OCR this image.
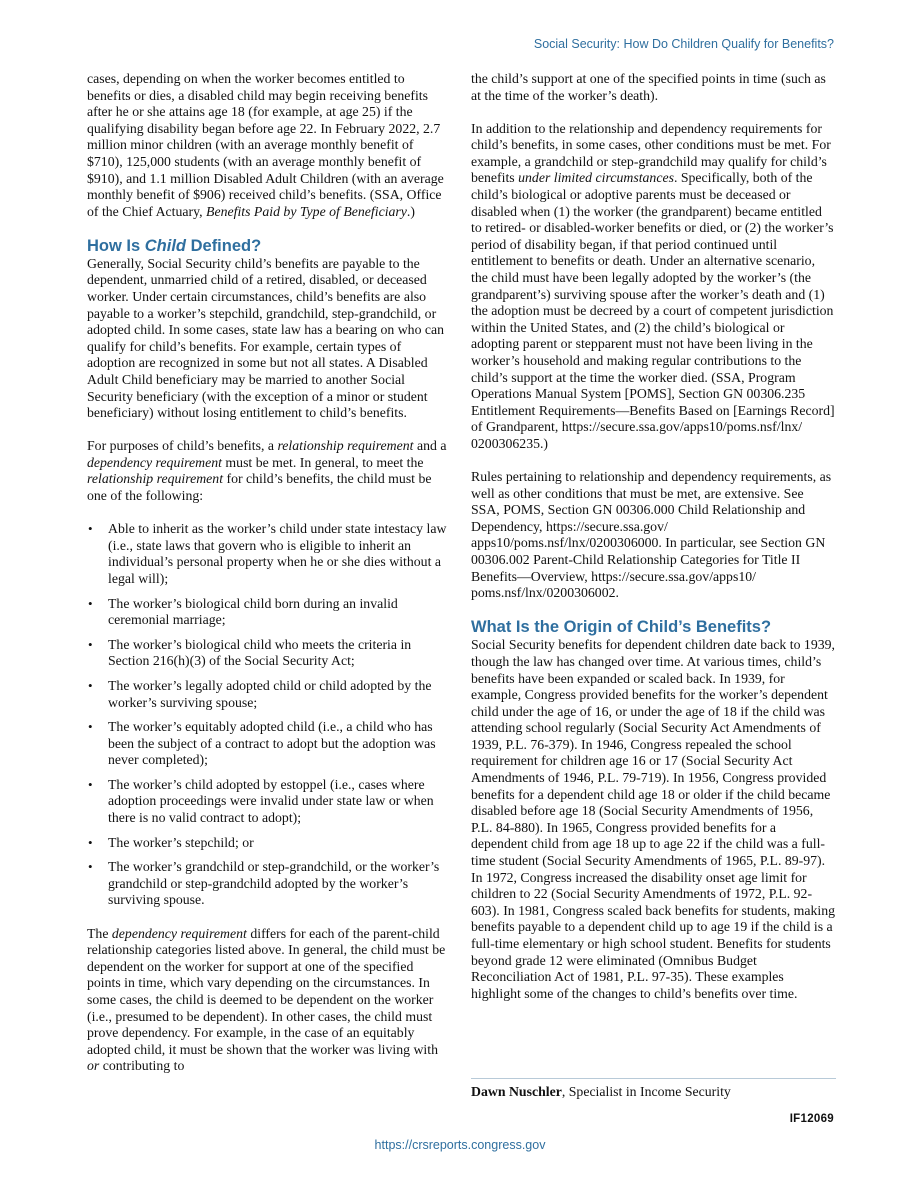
Social Security: How Do Children Qualify for Benefits?
cases, depending on when the worker becomes entitled to benefits or dies, a disabled child may begin receiving benefits after he or she attains age 18 (for example, at age 25) if the qualifying disability began before age 22. In February 2022, 2.7 million minor children (with an average monthly benefit of $710), 125,000 students (with an average monthly benefit of $910), and 1.1 million Disabled Adult Children (with an average monthly benefit of $906) received child’s benefits. (SSA, Office of the Chief Actuary, Benefits Paid by Type of Beneficiary.)
How Is Child Defined?
Generally, Social Security child’s benefits are payable to the dependent, unmarried child of a retired, disabled, or deceased worker. Under certain circumstances, child’s benefits are also payable to a worker’s stepchild, grandchild, step-grandchild, or adopted child. In some cases, state law has a bearing on who can qualify for child’s benefits. For example, certain types of adoption are recognized in some but not all states. A Disabled Adult Child beneficiary may be married to another Social Security beneficiary (with the exception of a minor or student beneficiary) without losing entitlement to child’s benefits.
For purposes of child’s benefits, a relationship requirement and a dependency requirement must be met. In general, to meet the relationship requirement for child’s benefits, the child must be one of the following:
• Able to inherit as the worker’s child under state intestacy law (i.e., state laws that govern who is eligible to inherit an individual’s personal property when he or she dies without a legal will);
• The worker’s biological child born during an invalid ceremonial marriage;
• The worker’s biological child who meets the criteria in Section 216(h)(3) of the Social Security Act;
• The worker’s legally adopted child or child adopted by the worker’s surviving spouse;
• The worker’s equitably adopted child (i.e., a child who has been the subject of a contract to adopt but the adoption was never completed);
• The worker’s child adopted by estoppel (i.e., cases where adoption proceedings were invalid under state law or when there is no valid contract to adopt);
• The worker’s stepchild; or
• The worker’s grandchild or step-grandchild, or the worker’s grandchild or step-grandchild adopted by the worker’s surviving spouse.
The dependency requirement differs for each of the parent-child relationship categories listed above. In general, the child must be dependent on the worker for support at one of the specified points in time, which vary depending on the circumstances. In some cases, the child is deemed to be dependent on the worker (i.e., presumed to be dependent). In other cases, the child must prove dependency. For example, in the case of an equitably adopted child, it must be shown that the worker was living with or contributing to
the child’s support at one of the specified points in time (such as at the time of the worker’s death).
In addition to the relationship and dependency requirements for child’s benefits, in some cases, other conditions must be met. For example, a grandchild or step-grandchild may qualify for child’s benefits under limited circumstances. Specifically, both of the child’s biological or adoptive parents must be deceased or disabled when (1) the worker (the grandparent) became entitled to retired- or disabled-worker benefits or died, or (2) the worker’s period of disability began, if that period continued until entitlement to benefits or death. Under an alternative scenario, the child must have been legally adopted by the worker’s (the grandparent’s) surviving spouse after the worker’s death and (1) the adoption must be decreed by a court of competent jurisdiction within the United States, and (2) the child’s biological or adopting parent or stepparent must not have been living in the worker’s household and making regular contributions to the child’s support at the time the worker died. (SSA, Program Operations Manual System [POMS], Section GN 00306.235 Entitlement Requirements—Benefits Based on [Earnings Record] of Grandparent, https://secure.ssa.gov/apps10/poms.nsf/lnx/ 0200306235.)
Rules pertaining to relationship and dependency requirements, as well as other conditions that must be met, are extensive. See SSA, POMS, Section GN 00306.000 Child Relationship and Dependency, https://secure.ssa.gov/ apps10/poms.nsf/lnx/0200306000. In particular, see Section GN 00306.002 Parent-Child Relationship Categories for Title II Benefits—Overview, https://secure.ssa.gov/apps10/ poms.nsf/lnx/0200306002.
What Is the Origin of Child’s Benefits?
Social Security benefits for dependent children date back to 1939, though the law has changed over time. At various times, child’s benefits have been expanded or scaled back. In 1939, for example, Congress provided benefits for the worker’s dependent child under the age of 16, or under the age of 18 if the child was attending school regularly (Social Security Act Amendments of 1939, P.L. 76-379). In 1946, Congress repealed the school requirement for children age 16 or 17 (Social Security Act Amendments of 1946, P.L. 79-719). In 1956, Congress provided benefits for a dependent child age 18 or older if the child became disabled before age 18 (Social Security Amendments of 1956, P.L. 84-880). In 1965, Congress provided benefits for a dependent child from age 18 up to age 22 if the child was a full-time student (Social Security Amendments of 1965, P.L. 89-97). In 1972, Congress increased the disability onset age limit for children to 22 (Social Security Amendments of 1972, P.L. 92-603). In 1981, Congress scaled back benefits for students, making benefits payable to a dependent child up to age 19 if the child is a full-time elementary or high school student. Benefits for students beyond grade 12 were eliminated (Omnibus Budget Reconciliation Act of 1981, P.L. 97-35). These examples highlight some of the changes to child’s benefits over time.
Dawn Nuschler, Specialist in Income Security
IF12069
https://crsreports.congress.gov
